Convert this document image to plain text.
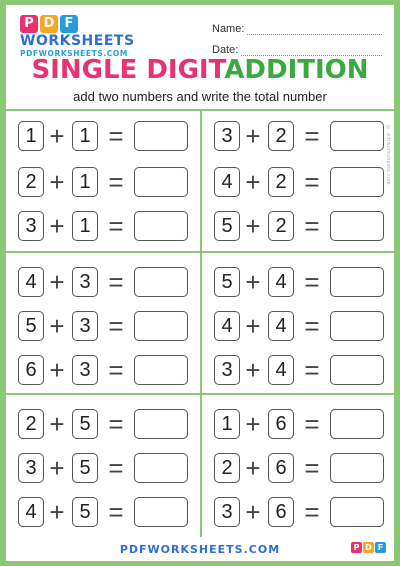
P D F
WORKSHEETS
PDFWORKSHEETS.COM
Name:
Date:
SINGLE DIGITADDITION
add two numbers and write the total number
© pdfworksheets.com
1 + 1 =
2 + 1 =
3 + 1 =
3 + 2 =
4 + 2 =
5 + 2 =
4 + 3 =
5 + 3 =
6 + 3 =
5 + 4 =
4 + 4 =
3 + 4 =
2 + 5 =
3 + 5 =
4 + 5 =
1 + 6 =
2 + 6 =
3 + 6 =
PDFWORKSHEETS.COM	P D F
